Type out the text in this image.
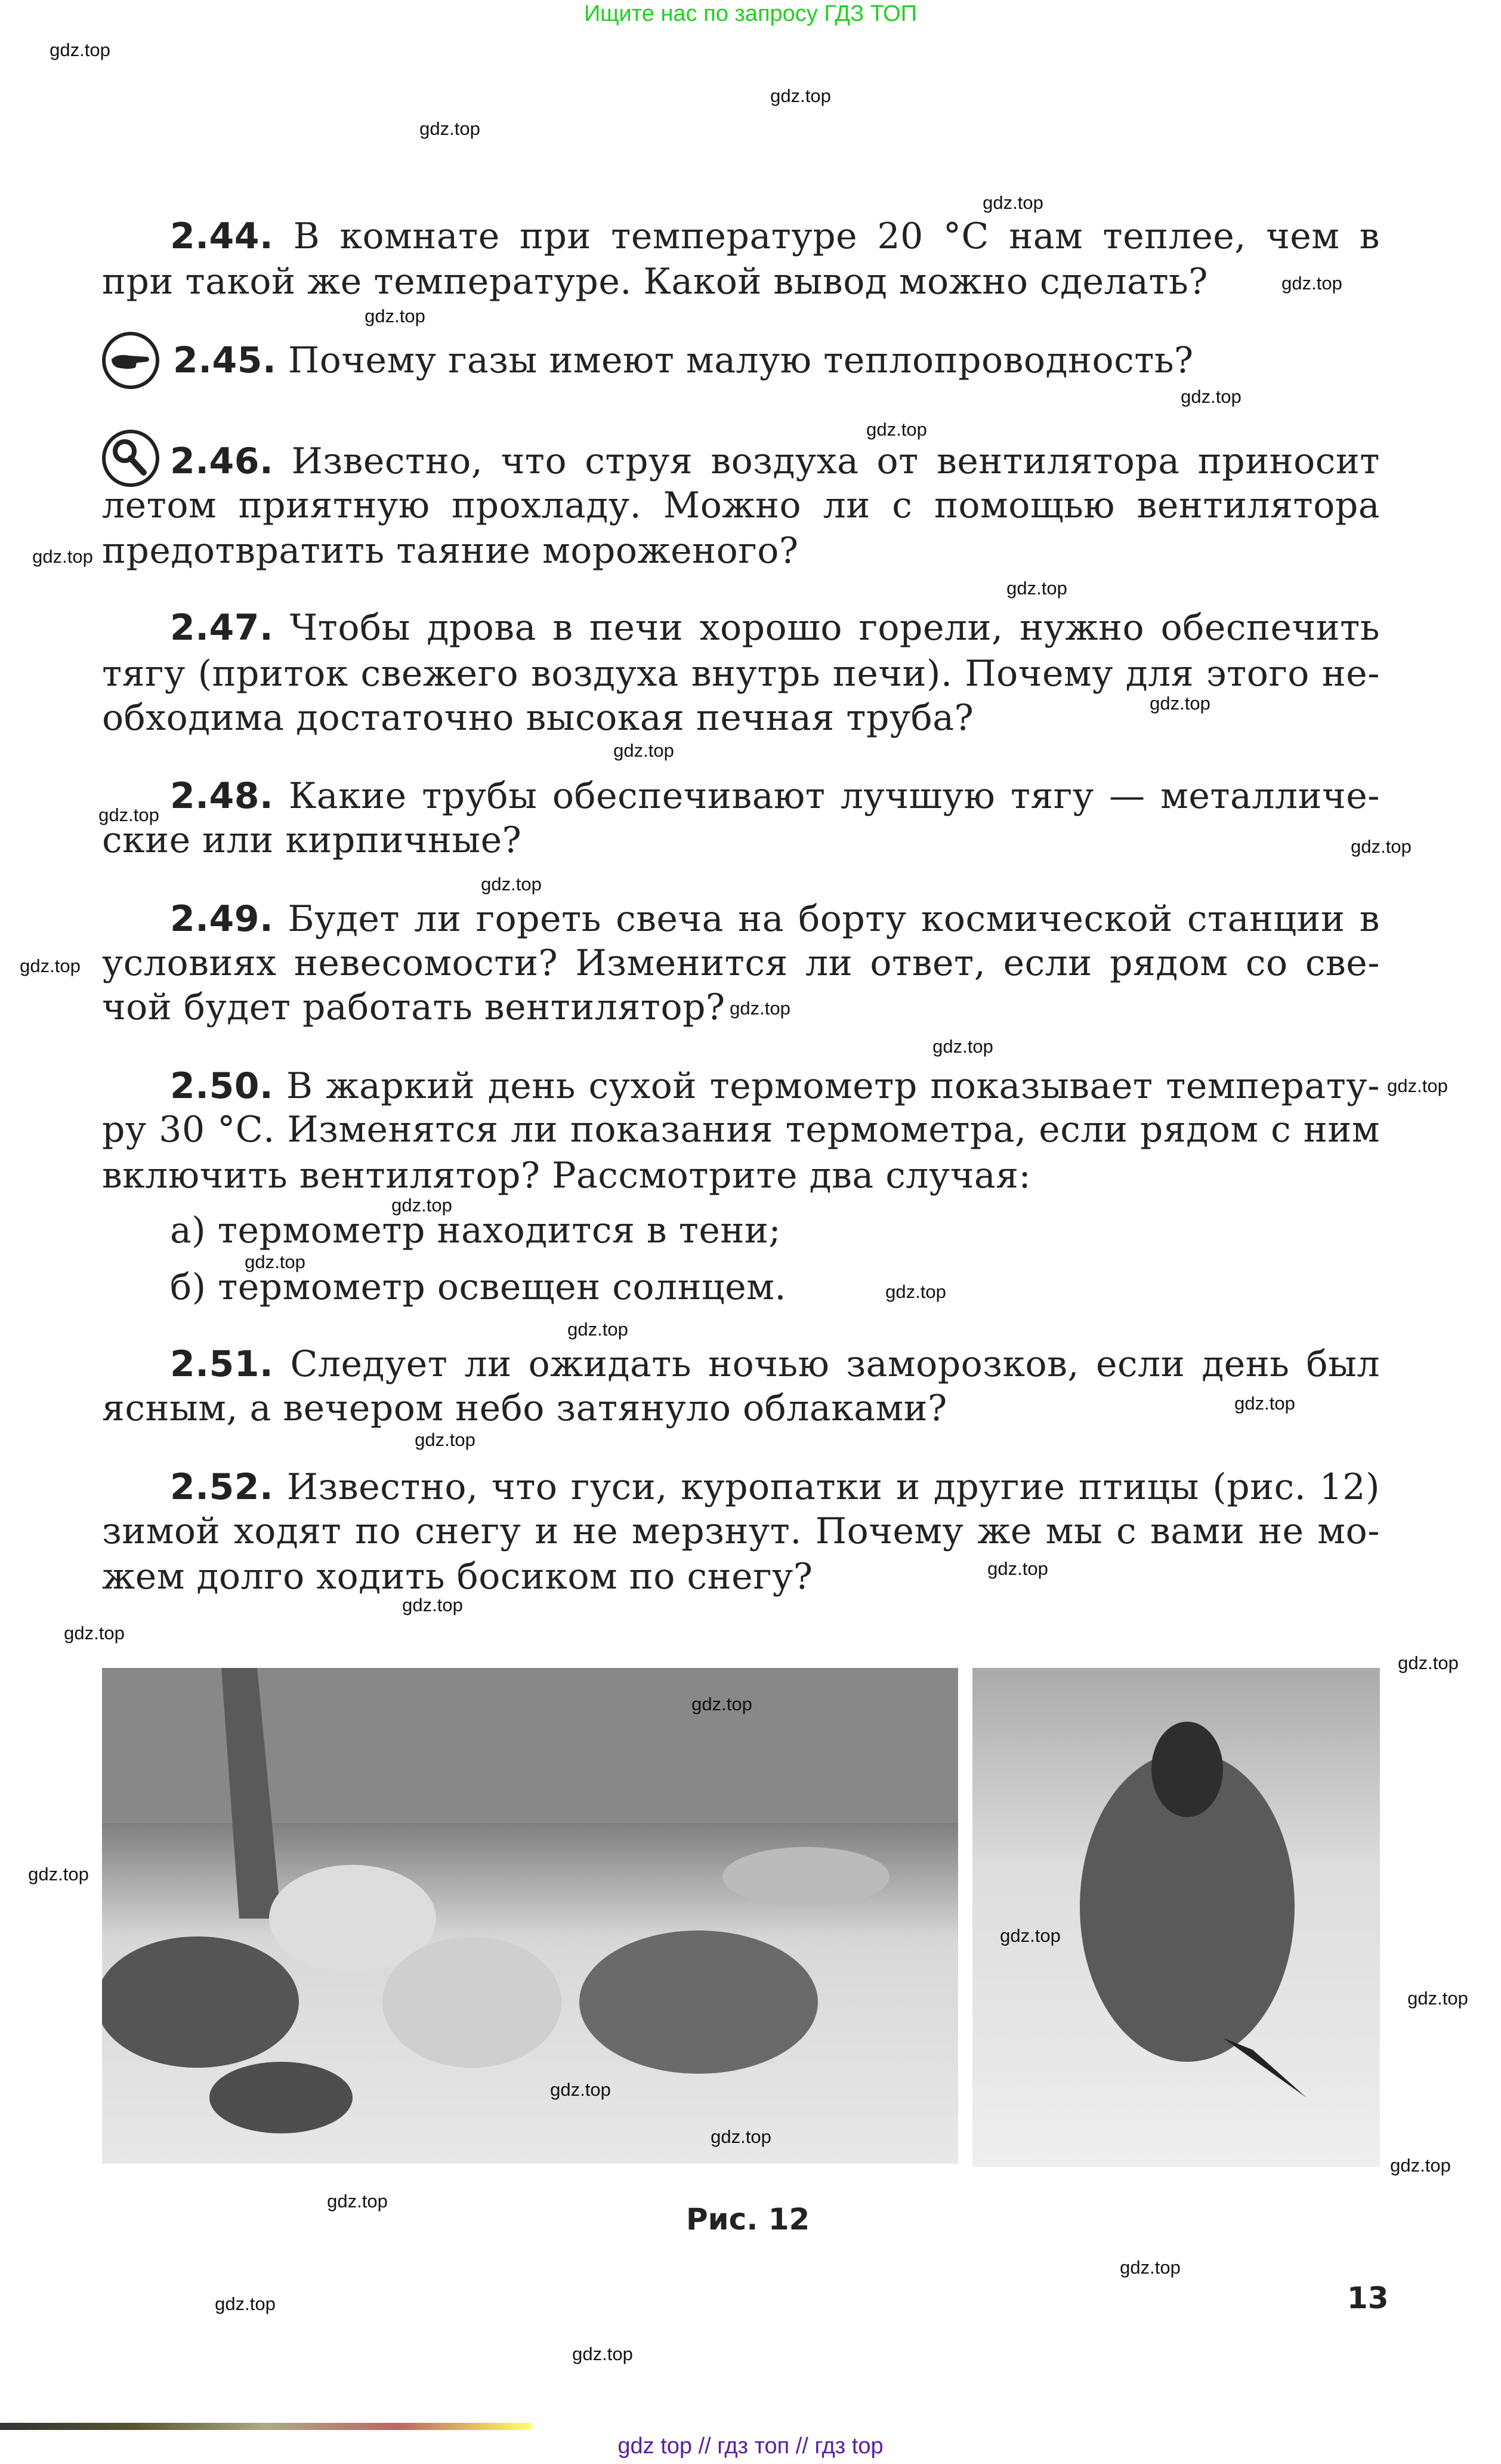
Ищите нас по запросу ГДЗ ТОП
2.44. В комнате при температуре 20 °С нам теплее, чем в
при такой же температуре. Какой вывод можно сделать?
2.45. Почему газы имеют малую теплопроводность?
2.46. Известно, что струя воздуха от вентилятора приносит
летом приятную прохладу. Можно ли с помощью вентилятора
предотвратить таяние мороженого?
2.47. Чтобы дрова в печи хорошо горели, нужно обеспечить
тягу (приток свежего воздуха внутрь печи). Почему для этого не-
обходима достаточно высокая печная труба?
2.48. Какие трубы обеспечивают лучшую тягу — металличе-
ские или кирпичные?
2.49. Будет ли гореть свеча на борту космической станции в
условиях невесомости? Изменится ли ответ, если рядом со све-
чой будет работать вентилятор?
2.50. В жаркий день сухой термометр показывает температу-
ру 30 °С. Изменятся ли показания термометра, если рядом с ним
включить вентилятор? Рассмотрите два случая:
а) термометр находится в тени;
б) термометр освещен солнцем.
2.51. Следует ли ожидать ночью заморозков, если день был
ясным, а вечером небо затянуло облаками?
2.52. Известно, что гуси, куропатки и другие птицы (рис. 12)
зимой ходят по снегу и не мерзнут. Почему же мы с вами не мо-
жем долго ходить босиком по снегу?
Рис. 12
13
gdz top // гдз топ // гдз top
gdz.top
gdz.top
gdz.top
gdz.top
gdz.top
gdz.top
gdz.top
gdz.top
gdz.top
gdz.top
gdz.top
gdz.top
gdz.top
gdz.top
gdz.top
gdz.top
gdz.top
gdz.top
gdz.top
gdz.top
gdz.top
gdz.top
gdz.top
gdz.top
gdz.top
gdz.top
gdz.top
gdz.top
gdz.top
gdz.top
gdz.top
gdz.top
gdz.top
gdz.top
gdz.top
gdz.top
gdz.top
gdz.top
gdz.top
gdz.top
